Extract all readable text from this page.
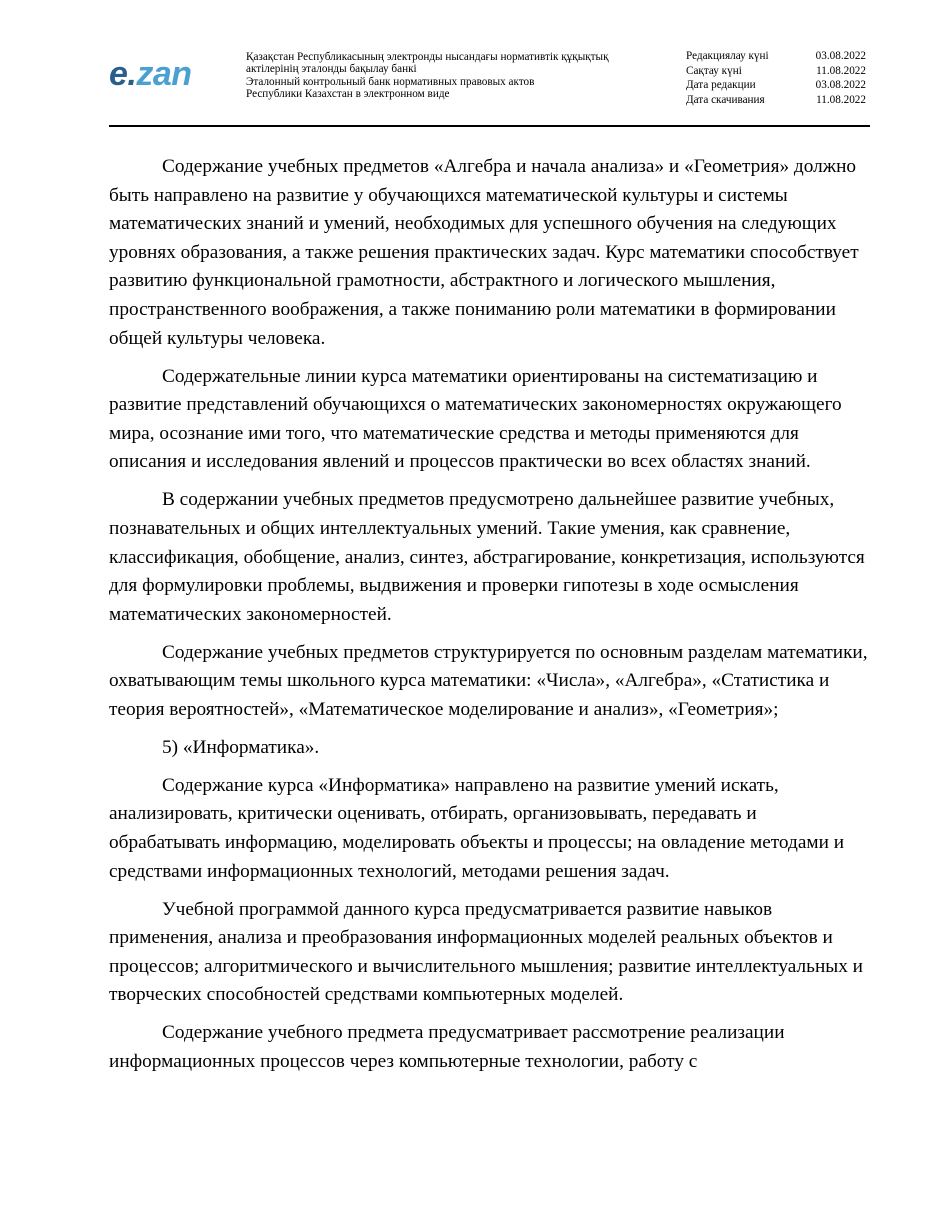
e.zan	Қазақстан Республикасының электронды нысандағы нормативтік құқықтық
актілерінің эталонды бақылау банкі
Эталонный контрольный банк нормативных правовых актов
Республики Казахстан в электронном виде
Редакциялау күні	03.08.2022
Сақтау күні	11.08.2022
Дата редакции	03.08.2022
Дата скачивания	11.08.2022

Содержание учебных предметов «Алгебра и начала анализа» и «Геометрия» должно быть направлено на развитие у обучающихся математической культуры и системы математических знаний и умений, необходимых для успешного обучения на следующих уровнях образования, а также решения практических задач. Курс математики способствует развитию функциональной грамотности, абстрактного и логического мышления, пространственного воображения, а также пониманию роли математики в формировании общей культуры человека.

Содержательные линии курса математики ориентированы на систематизацию и развитие представлений обучающихся о математических закономерностях окружающего мира, осознание ими того, что математические средства и методы применяются для описания и исследования явлений и процессов практически во всех областях знаний.

В содержании учебных предметов предусмотрено дальнейшее развитие учебных, познавательных и общих интеллектуальных умений. Такие умения, как сравнение, классификация, обобщение, анализ, синтез, абстрагирование, конкретизация, используются для формулировки проблемы, выдвижения и проверки гипотезы в ходе осмысления математических закономерностей.

Содержание учебных предметов структурируется по основным разделам математики, охватывающим темы школьного курса математики: «Числа», «Алгебра», «Статистика и теория вероятностей», «Математическое моделирование и анализ», «Геометрия»;

5) «Информатика».

Содержание курса «Информатика» направлено на развитие умений искать, анализировать, критически оценивать, отбирать, организовывать, передавать и обрабатывать информацию, моделировать объекты и процессы; на овладение методами и средствами информационных технологий, методами решения задач.

Учебной программой данного курса предусматривается развитие навыков применения, анализа и преобразования информационных моделей реальных объектов и процессов; алгоритмического и вычислительного мышления; развитие интеллектуальных и творческих способностей средствами компьютерных моделей.

Содержание учебного предмета предусматривает рассмотрение реализации информационных процессов через компьютерные технологии, работу с
